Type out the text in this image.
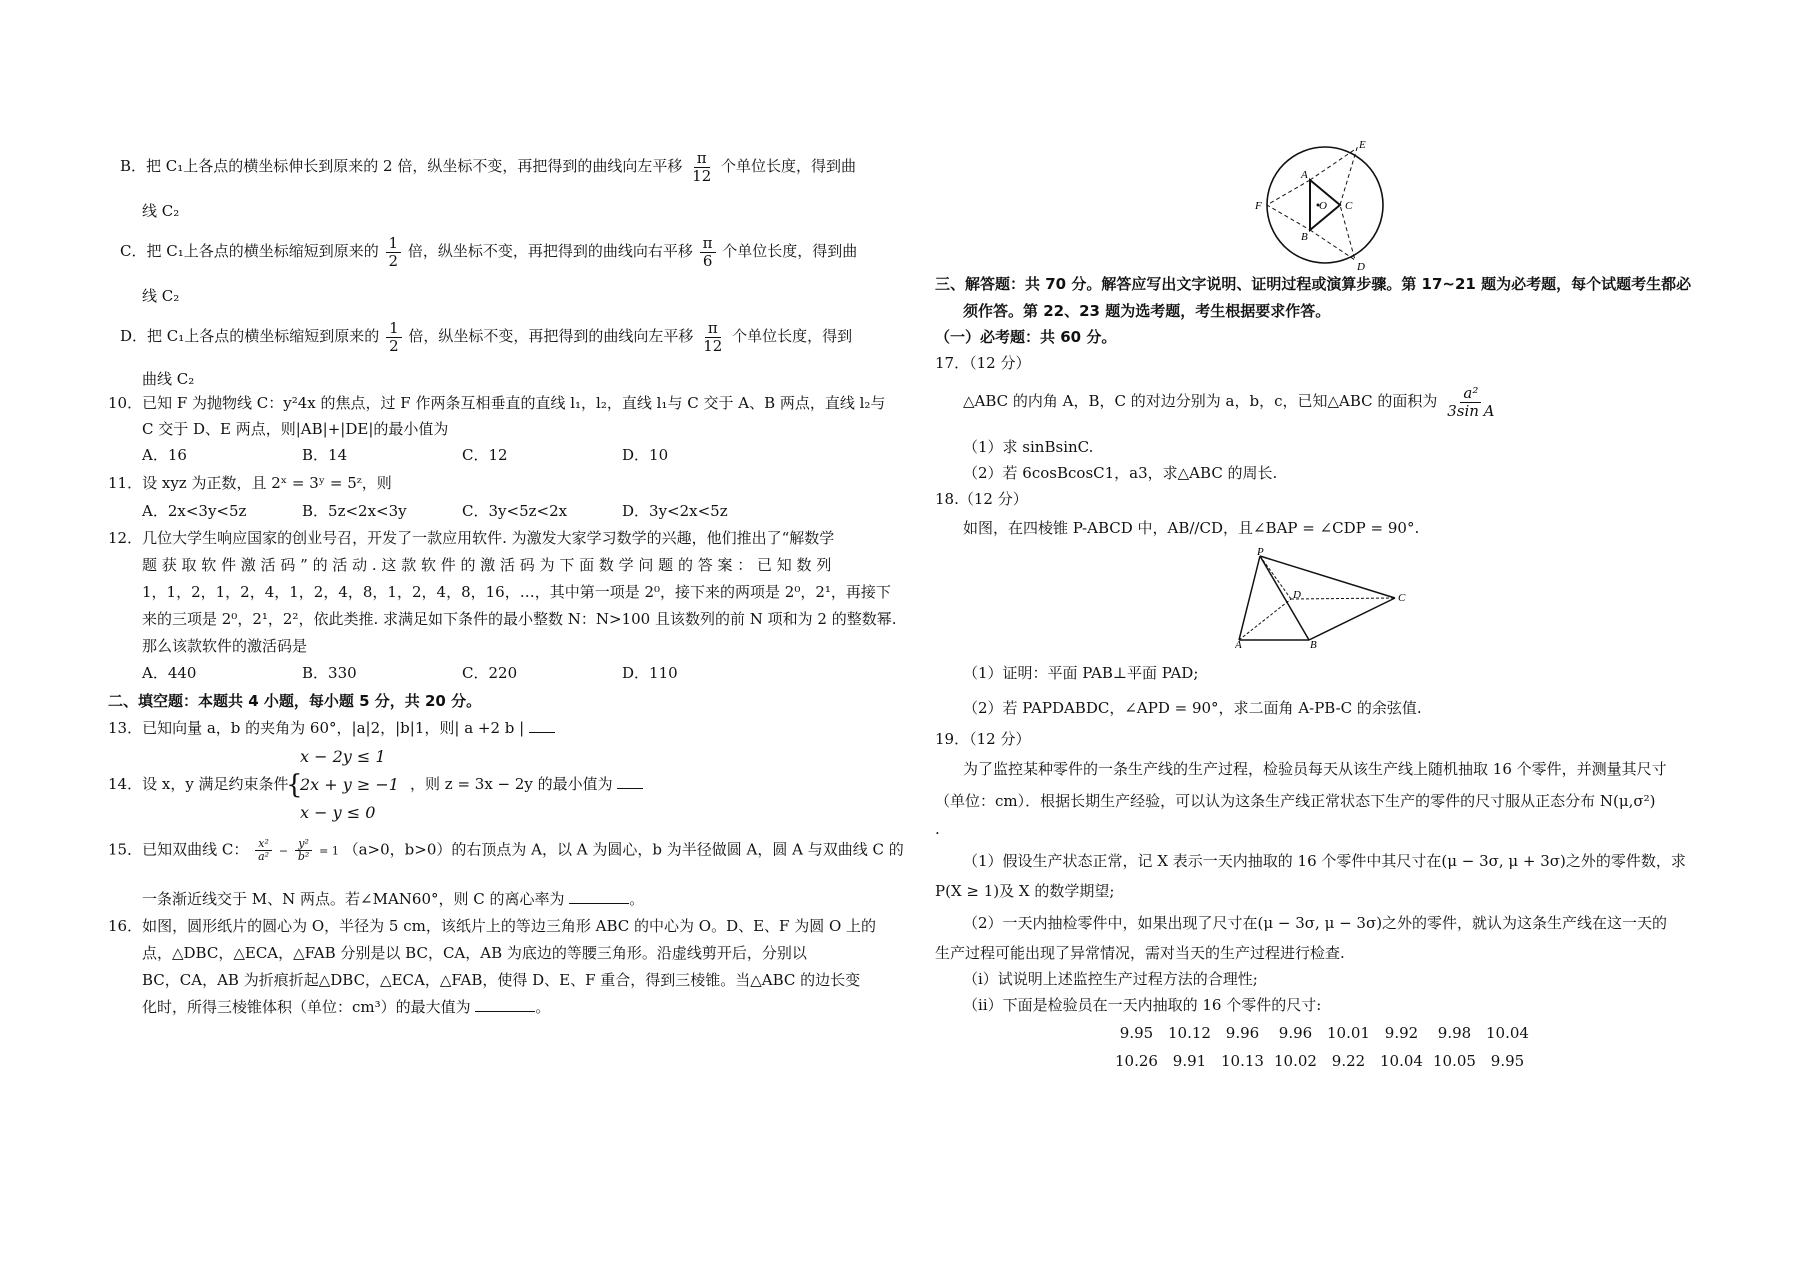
B．把 C₁上各点的横坐标伸长到原来的 2 倍，纵坐标不变，再把得到的曲线向左平移 $\frac{\pi}{12}$ 个单位长度，得到曲
线 C₂
C．把 C₁上各点的横坐标缩短到原来的 $\frac{1}{2}$ 倍，纵坐标不变，再把得到的曲线向右平移 $\frac{\pi}{6}$ 个单位长度，得到曲
线 C₂
D．把 C₁上各点的横坐标缩短到原来的 $\frac{1}{2}$ 倍，纵坐标不变，再把得到的曲线向左平移 $\frac{\pi}{12}$ 个单位长度，得到
曲线 C₂
10．已知 F 为抛物线 C：y²4x 的焦点，过 F 作两条互相垂直的直线 l₁，l₂，直线 l₁与 C 交于 A、B 两点，直线 l₂与
C 交于 D、E 两点，则|AB|+|DE|的最小值为
A．16	B．14	C．12	D．10
11．设 xyz 为正数，且 2ˣ = 3ʸ = 5ᶻ，则
A．2x<3y<5z	B．5z<2x<3y	C．3y<5z<2x	D．3y<2x<5z
12．几位大学生响应国家的创业号召，开发了一款应用软件. 为激发大家学习数学的兴趣，他们推出了“解数学
题 获 取 软 件 激 活 码 ” 的 活 动 . 这 款 软 件 的 激 活 码 为 下 面 数 学 问 题 的 答 案 ： 已 知 数 列
1，1，2，1，2，4，1，2，4，8，1，2，4，8，16，…，其中第一项是 2⁰，接下来的两项是 2⁰，2¹，再接下
来的三项是 2⁰，2¹，2²，依此类推. 求满足如下条件的最小整数 N：N>100 且该数列的前 N 项和为 2 的整数幂.
那么该款软件的激活码是
A．440	B．330	C．220	D．110
二、填空题：本题共 4 小题，每小题 5 分，共 20 分。
13．已知向量 a，b 的夹角为 60°，|a|2，|b|1，则| a +2 b |
14．设 x，y 满足约束条件
{
x − 2y ≤ 1
2x + y ≥ −1
x − y ≤ 0
，则 z = 3x − 2y 的最小值为
15．已知双曲线 C： $\frac{\text{x²}}{\text{a²}} - \frac{\text{y²}}{\text{b²}} = 1$ （a>0，b>0）的右顶点为 A，以 A 为圆心，b 为半径做圆 A，圆 A 与双曲线 C 的
一条渐近线交于 M、N 两点。若∠MAN60°，则 C 的离心率为	。
16．如图，圆形纸片的圆心为 O，半径为 5 cm，该纸片上的等边三角形 ABC 的中心为 O。D、E、F 为圆 O 上的
点，△DBC，△ECA，△FAB 分别是以 BC，CA，AB 为底边的等腰三角形。沿虚线剪开后，分别以
BC，CA，AB 为折痕折起△DBC，△ECA，△FAB，使得 D、E、F 重合，得到三棱锥。当△ABC 的边长变
化时，所得三棱锥体积（单位：cm³）的最大值为	。
A
B
C
D
E
F	O
三、解答题：共 70 分。解答应写出文字说明、证明过程或演算步骤。第 17~21 题为必考题，每个试题考生都必
须作答。第 22、23 题为选考题，考生根据要求作答。
（一）必考题：共 60 分。
17．（12 分）
△ABC 的内角 A，B，C 的对边分别为 a，b，c，已知△ABC 的面积为 $\frac{\text{a²}}{\text{3sin A}}$
（1）求 sinBsinC.
（2）若 6cosBcosC1，a3，求△ABC 的周长.
18.（12 分）
如图，在四棱锥 P-ABCD 中，AB//CD，且∠BAP = ∠CDP = 90°.
P
D	C
A	B
（1）证明：平面 PAB⊥平面 PAD;
（2）若 PAPDABDC，∠APD = 90°，求二面角 A-PB-C 的余弦值.
19．（12 分）
为了监控某种零件的一条生产线的生产过程，检验员每天从该生产线上随机抽取 16 个零件，并测量其尺寸
（单位：cm）．根据长期生产经验，可以认为这条生产线正常状态下生产的零件的尺寸服从正态分布 N(μ,σ²)
.
（1）假设生产状态正常，记 X 表示一天内抽取的 16 个零件中其尺寸在(μ − 3σ, μ + 3σ)之外的零件数，求
P(X ≥ 1)及 X 的数学期望;
（2）一天内抽检零件中，如果出现了尺寸在(μ − 3σ, μ − 3σ)之外的零件，就认为这条生产线在这一天的
生产过程可能出现了异常情况，需对当天的生产过程进行检查.
（ⅰ）试说明上述监控生产过程方法的合理性;
（ⅱ）下面是检验员在一天内抽取的 16 个零件的尺寸:
9.95 10.12 9.96 9.96 10.01 9.92 9.98 10.04
10.26 9.91 10.13 10.02 9.22 10.04 10.05 9.95
